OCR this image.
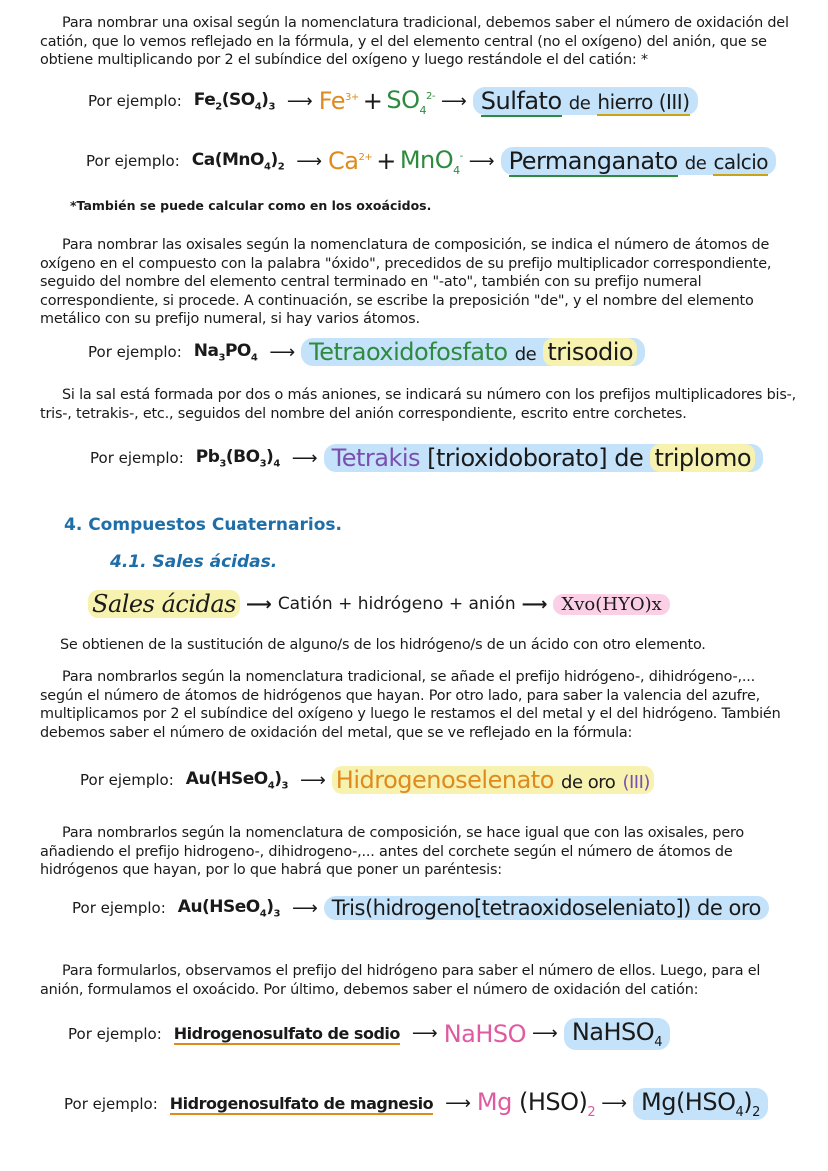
Para nombrar una oxisal según la nomenclatura tradicional, debemos saber el número de oxidación del catión, que lo vemos reflejado en la fórmula, y el del elemento central (no el oxígeno) del anión, que se obtiene multiplicando por 2 el subíndice del oxígeno y luego restándole el del catión: *

Por ejemplo: $Fe_2(SO_4)_3$ ⟶ $Fe^{3+} + SO_4^{2-}$ ⟶ Sulfato de hierro (III)
Por ejemplo: $Ca(MnO_4)_2$ ⟶ $Ca^{2+} + MnO_4^-$ ⟶ Permanganato de calcio
*También se puede calcular como en los oxoácidos.

Para nombrar las oxisales según la nomenclatura de composición, se indica el número de átomos de oxígeno en el compuesto con la palabra "óxido", precedidos de su prefijo multiplicador correspondiente, seguido del nombre del elemento central terminado en "-ato", también con su prefijo numeral correspondiente, si procede. A continuación, se escribe la preposición "de", y el nombre del elemento metálico con su prefijo numeral, si hay varios átomos.

Por ejemplo: $Na_3PO_4$ ⟶ Tetraoxidofosfato de trisodio

Si la sal está formada por dos o más aniones, se indicará su número con los prefijos multiplicadores bis-, tris-, tetrakis-, etc., seguidos del nombre del anión correspondiente, escrito entre corchetes.

Por ejemplo: $Pb_3(BO_3)_4$ ⟶ Tetrakis [trioxidoborato] de triplomo
4. Compuestos Cuaternarios.
4.1. Sales ácidas.
Sales ácidas ⟶ Catión + hidrógeno + anión ⟶ Xvo(HYO)x

Se obtienen de la sustitución de alguno/s de los hidrógeno/s de un ácido con otro elemento.

Para nombrarlos según la nomenclatura tradicional, se añade el prefijo hidrógeno-, dihidrógeno-,... según el número de átomos de hidrógenos que hayan. Por otro lado, para saber la valencia del azufre, multiplicamos por 2 el subíndice del oxígeno y luego le restamos el del metal y el del hidrógeno. También debemos saber el número de oxidación del metal, que se ve reflejado en la fórmula:

Por ejemplo: $Au(HSeO_4)_3$ ⟶ Hidrogenoselenato de oro (III)

Para nombrarlos según la nomenclatura de composición, se hace igual que con las oxisales, pero añadiendo el prefijo hidrogeno-, dihidrogeno-,... antes del corchete según el número de átomos de hidrógenos que hayan, por lo que habrá que poner un paréntesis:

Por ejemplo: $Au(HSeO_4)_3$ ⟶ Tris(hidrogeno[tetraoxidoseleniato]) de oro

Para formularlos, observamos el prefijo del hidrógeno para saber el número de ellos. Luego, para el anión, formulamos el oxoácido. Por último, debemos saber el número de oxidación del catión:

Por ejemplo: Hidrogenosulfato de sodio ⟶ NaHSO ⟶ NaHSO$_4$
Por ejemplo: Hidrogenosulfato de magnesio ⟶ Mg $(HSO)_2$ ⟶ $Mg(HSO_4)_2$
